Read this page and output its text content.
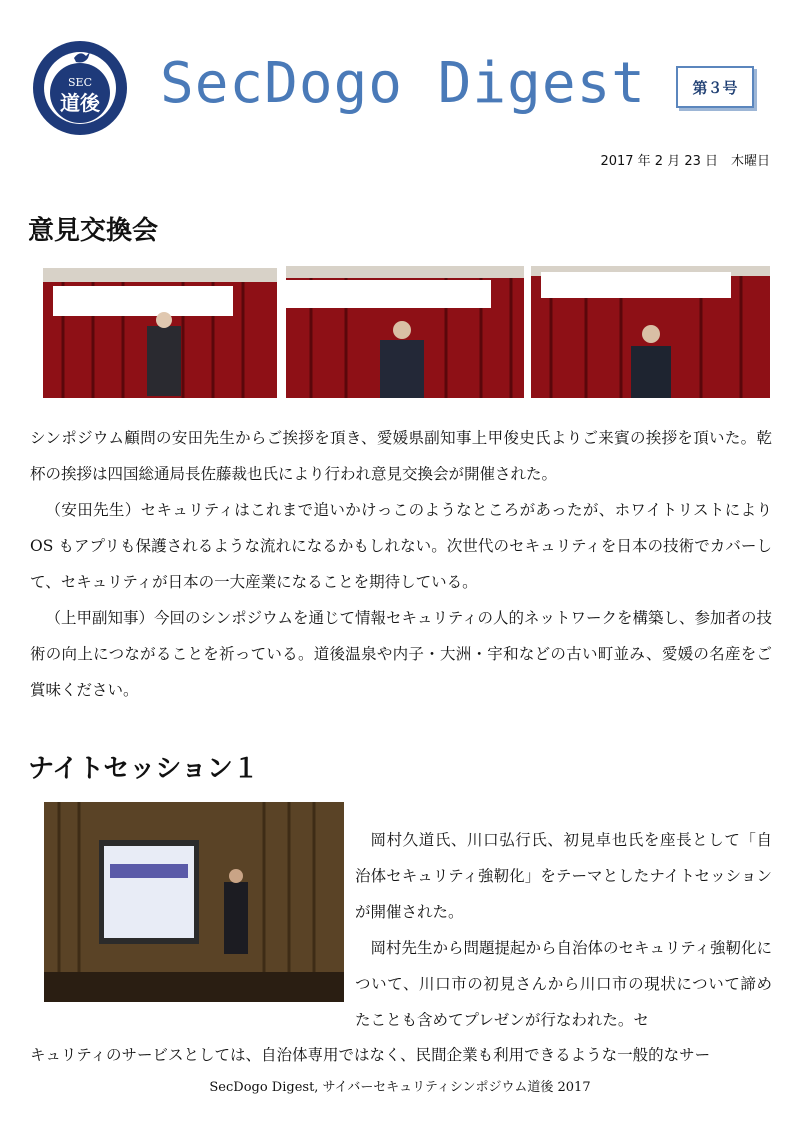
SEC
道後 SecDogo Digest	第３号
2017 年 2 月 23 日　木曜日
意見交換会

シンポジウム顧問の安田先生からご挨拶を頂き、愛媛県副知事上甲俊史氏よりご来賓の挨拶を頂いた。乾杯の挨拶は四国総通局長佐藤裁也氏により行われ意見交換会が開催された。

（安田先生）セキュリティはこれまで追いかけっこのようなところがあったが、ホワイトリストにより OS もアプリも保護されるような流れになるかもしれない。次世代のセキュリティを日本の技術でカバーして、セキュリティが日本の一大産業になることを期待している。

（上甲副知事）今回のシンポジウムを通じて情報セキュリティの人的ネットワークを構築し、参加者の技術の向上につながることを祈っている。道後温泉や内子・大洲・宇和などの古い町並み、愛媛の名産をご賞味ください。

ナイトセッション１

岡村久道氏、川口弘行氏、初見卓也氏を座長として「自治体セキュリティ強靭化」をテーマとしたナイトセッションが開催された。

岡村先生から問題提起から自治体のセキュリティ強靭化について、川口市の初見さんから川口市の現状について諦めたことも含めてプレゼンが行なわれた。セ

キュリティのサービスとしては、自治体専用ではなく、民間企業も利用できるような一般的なサー

SecDogo Digest, サイバーセキュリティシンポジウム道後 2017
